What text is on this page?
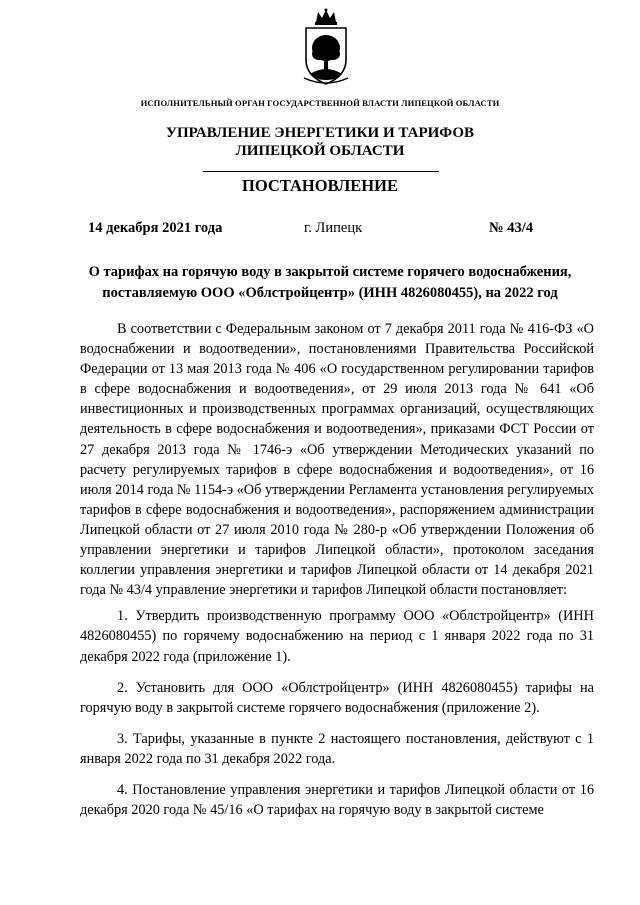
ИСПОЛНИТЕЛЬНЫЙ ОРГАН ГОСУДАРСТВЕННОЙ ВЛАСТИ ЛИПЕЦКОЙ ОБЛАСТИ
УПРАВЛЕНИЕ ЭНЕРГЕТИКИ И ТАРИФОВ
ЛИПЕЦКОЙ ОБЛАСТИ
ПОСТАНОВЛЕНИЕ
14 декабря 2021 года	г. Липецк	№ 43/4
О тарифах на горячую воду в закрытой системе горячего водоснабжения,
поставляемую ООО «Облстройцентр» (ИНН 4826080455), на 2022 год

В соответствии с Федеральным законом от 7 декабря 2011 года № 416-ФЗ «О водоснабжении и водоотведении», постановлениями Правительства Российской Федерации от 13 мая 2013 года № 406 «О государственном регулировании тарифов в сфере водоснабжения и водоотведения», от 29 июля 2013 года № 641 «Об инвестиционных и производственных программах организаций, осуществляющих деятельность в сфере водоснабжения и водоотведения», приказами ФСТ России от 27 декабря 2013 года № 1746-э «Об утверждении Методических указаний по расчету регулируемых тарифов в сфере водоснабжения и водоотведения», от 16 июля 2014 года № 1154-э «Об утверждении Регламента установления регулируемых тарифов в сфере водоснабжения и водоотведения», распоряжением администрации Липецкой области от 27 июля 2010 года № 280-р «Об утверждении Положения об управлении энергетики и тарифов Липецкой области», протоколом заседания коллегии управления энергетики и тарифов Липецкой области от 14 декабря 2021 года № 43/4 управление энергетики и тарифов Липецкой области постановляет:

1. Утвердить производственную программу ООО «Облстройцентр» (ИНН 4826080455) по горячему водоснабжению на период с 1 января 2022 года по 31 декабря 2022 года (приложение 1).

2. Установить для ООО «Облстройцентр» (ИНН 4826080455) тарифы на горячую воду в закрытой системе горячего водоснабжения (приложение 2).

3. Тарифы, указанные в пункте 2 настоящего постановления, действуют с 1 января 2022 года по 31 декабря 2022 года.

4. Постановление управления энергетики и тарифов Липецкой области от 16 декабря 2020 года № 45/16 «О тарифах на горячую воду в закрытой системе
